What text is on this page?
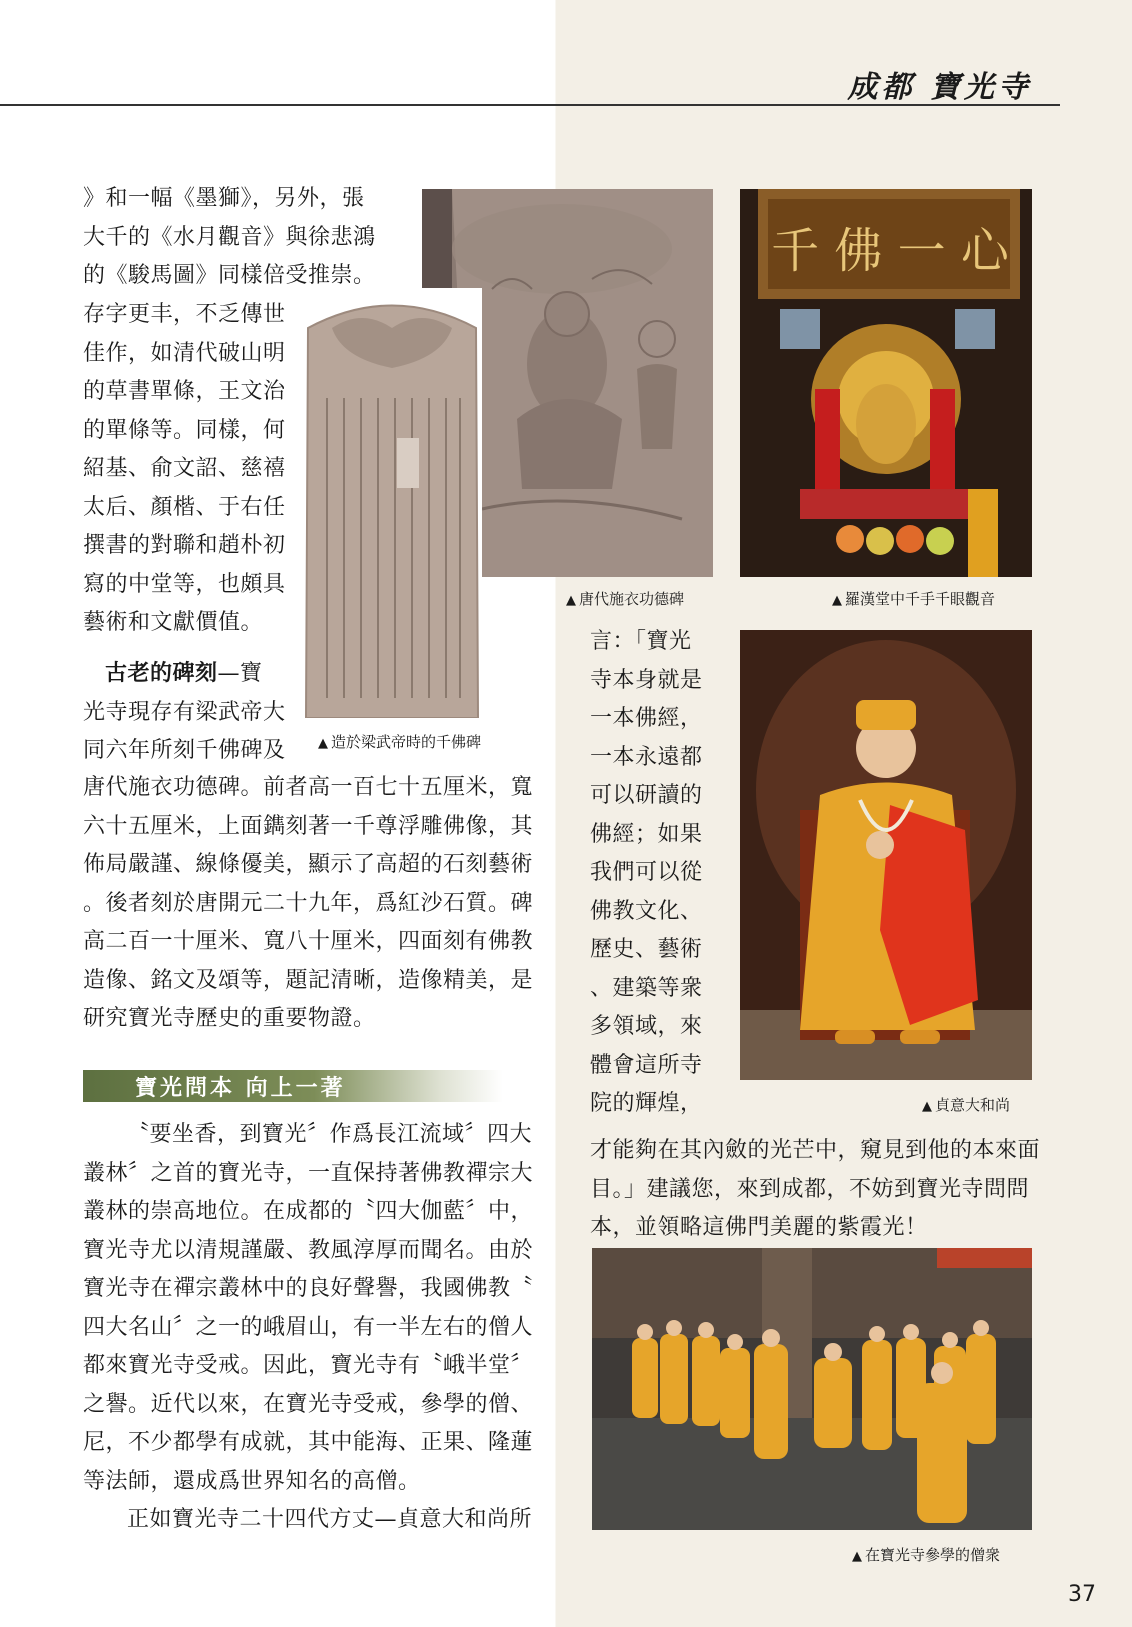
成都 寶光寺
千 佛 一 心
▲ 造於梁武帝時的千佛碑
▲ 唐代施衣功德碑	▲ 羅漢堂中千手千眼觀音
▲ 貞意大和尚
▲ 在寶光寺參學的僧衆

》和一幅《墨獅》，另外，張

大千的《水月觀音》與徐悲鴻

的《駿馬圖》同樣倍受推崇。

存字更丰，不乏傳世

佳作，如清代破山明

的草書單條，王文治

的單條等。同樣，何

紹基、俞文詔、慈禧

太后、顏楷、于右任

撰書的對聯和趙朴初

寫的中堂等，也頗具

藝術和文獻價值。

古老的碑刻—寶

光寺現存有梁武帝大

同六年所刻千佛碑及

唐代施衣功德碑。前者高一百七十五厘米，寬

六十五厘米，上面鐫刻著一千尊浮雕佛像，其

佈局嚴謹、線條優美，顯示了高超的石刻藝術

。後者刻於唐開元二十九年，爲紅沙石質。碑

高二百一十厘米、寬八十厘米，四面刻有佛教

造像、銘文及頌等，題記清晰，造像精美，是

研究寶光寺歷史的重要物證。

寶光問本 向上一著

〝要坐香，到寶光〞作爲長江流域〞四大

叢林〞之首的寶光寺，一直保持著佛教禪宗大

叢林的崇高地位。在成都的〝四大伽藍〞中，

寶光寺尤以清規謹嚴、教風淳厚而聞名。由於

寶光寺在禪宗叢林中的良好聲譽，我國佛教〝

四大名山〞之一的峨眉山，有一半左右的僧人

都來寶光寺受戒。因此，寶光寺有〝峨半堂〞

之譽。近代以來，在寶光寺受戒，參學的僧、

尼，不少都學有成就，其中能海、正果、隆蓮

等法師，還成爲世界知名的高僧。

正如寶光寺二十四代方丈—貞意大和尚所

言：「寶光

寺本身就是

一本佛經，

一本永遠都

可以研讀的

佛經；如果

我們可以從

佛教文化、

歷史、藝術

、建築等衆

多領域，來

體會這所寺

院的輝煌，

才能夠在其內斂的光芒中，窺見到他的本來面

目。」建議您，來到成都，不妨到寶光寺問問

本，並領略這佛門美麗的紫霞光！

37
